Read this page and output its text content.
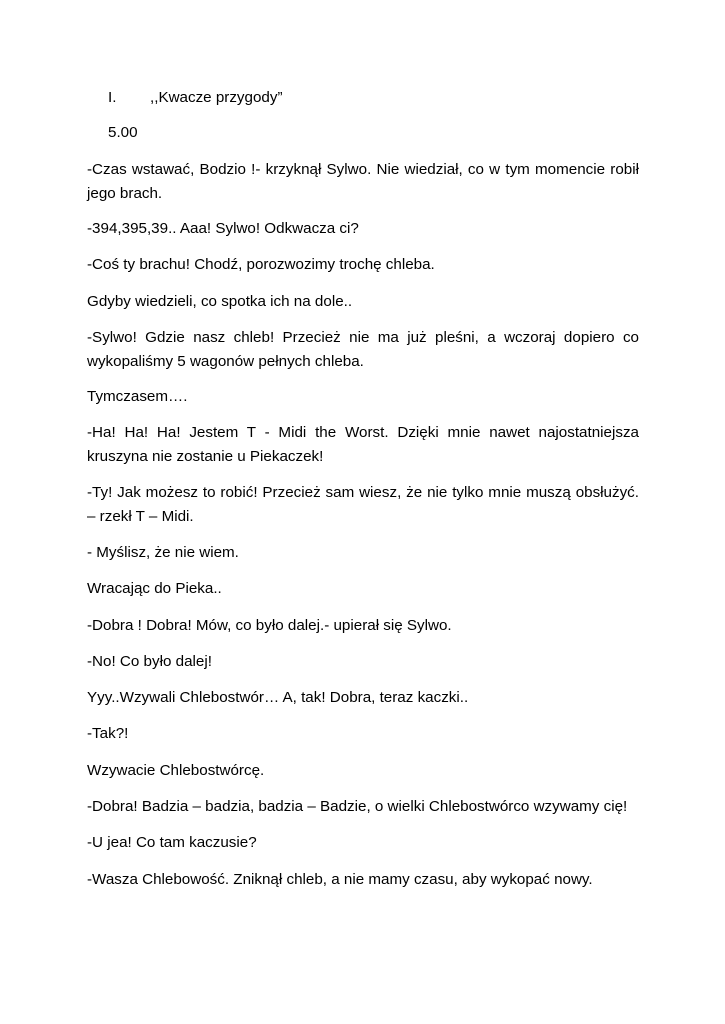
I. ,,Kwacze przygody”
5.00

-Czas wstawać, Bodzio !- krzyknął Sylwo. Nie wiedział, co w tym momencie robił jego brach.

-394,395,39.. Aaa! Sylwo! Odkwacza ci?

-Coś ty brachu! Chodź, porozwozimy trochę chleba.

Gdyby wiedzieli, co spotka ich na dole..

-Sylwo! Gdzie nasz chleb! Przecież nie ma już pleśni, a wczoraj dopiero co wykopaliśmy 5 wagonów pełnych chleba.

Tymczasem….

-Ha! Ha! Ha! Jestem T - Midi the Worst. Dzięki mnie nawet najostatniejsza kruszyna nie zostanie u Piekaczek!

-Ty! Jak możesz to robić! Przecież sam wiesz, że nie tylko mnie muszą obsłużyć. – rzekł T – Midi.

- Myślisz, że nie wiem.

Wracając do Pieka..

-Dobra ! Dobra! Mów, co było dalej.- upierał się Sylwo.

-No! Co było dalej!

Yyy..Wzywali Chlebostwór… A, tak! Dobra, teraz kaczki..

-Tak?!

Wzywacie Chlebostwórcę.

-Dobra! Badzia – badzia, badzia – Badzie, o wielki Chlebostwórco wzywamy cię!

-U jea! Co tam kaczusie?

-Wasza Chlebowość. Zniknął chleb, a nie mamy czasu, aby wykopać nowy.
